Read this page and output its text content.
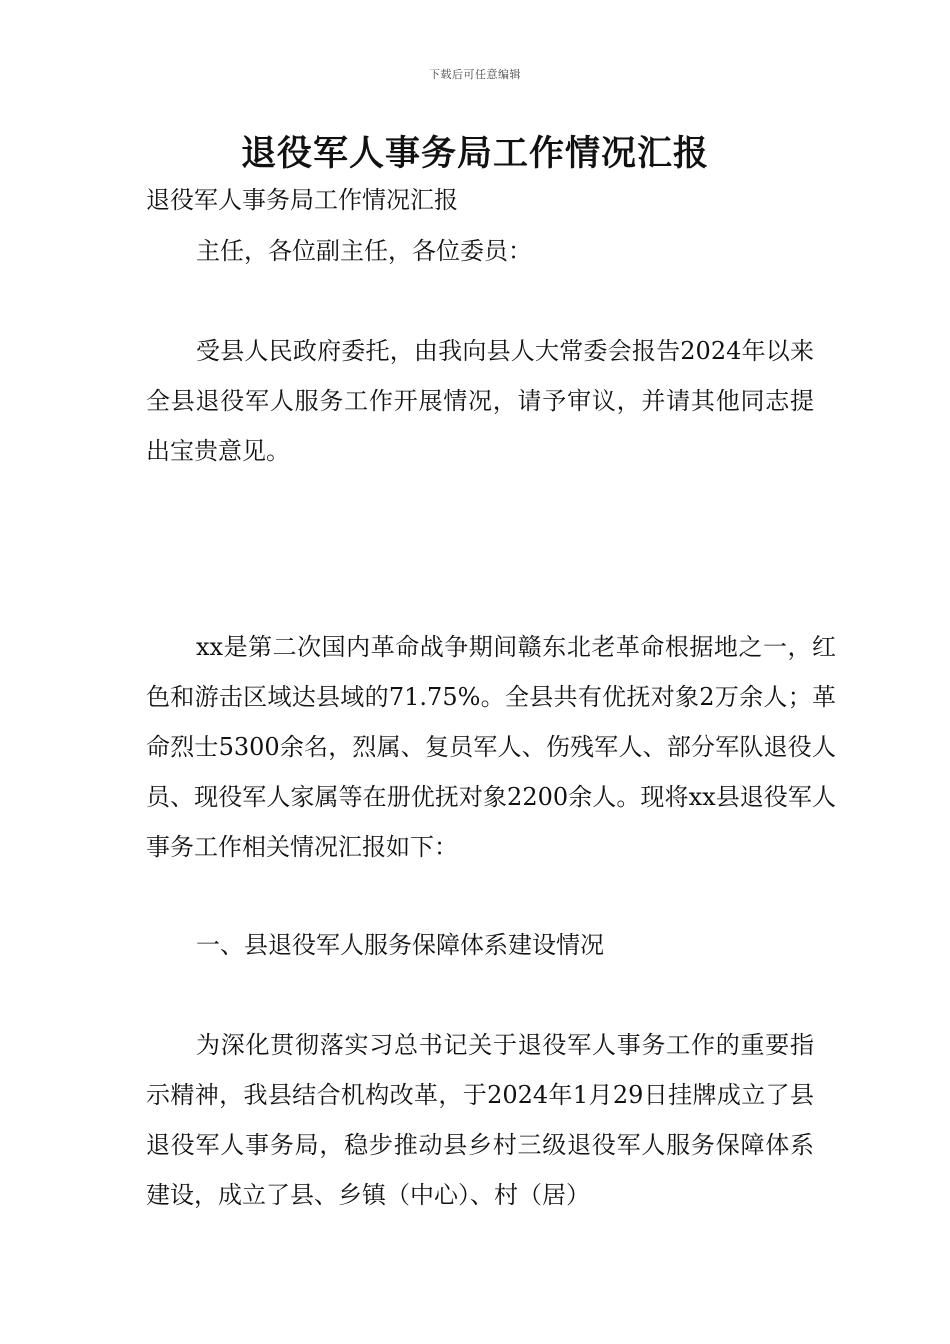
下载后可任意编辑
退役军人事务局工作情况汇报
退役军人事务局工作情况汇报

主任，各位副主任，各位委员：

受县人民政府委托，由我向县人大常委会报告2024年以来全县退役军人服务工作开展情况，请予审议，并请其他同志提出宝贵意见。

xx是第二次国内革命战争期间赣东北老革命根据地之一，红色和游击区域达县域的71.75%。全县共有优抚对象2万余人；革命烈士5300余名，烈属、复员军人、伤残军人、部分军队退役人员、现役军人家属等在册优抚对象2200余人。现将xx县退役军人事务工作相关情况汇报如下：

一、县退役军人服务保障体系建设情况

为深化贯彻落实习总书记关于退役军人事务工作的重要指示精神，我县结合机构改革，于2024年1月29日挂牌成立了县退役军人事务局，稳步推动县乡村三级退役军人服务保障体系建设，成立了县、乡镇（中心）、村（居）
